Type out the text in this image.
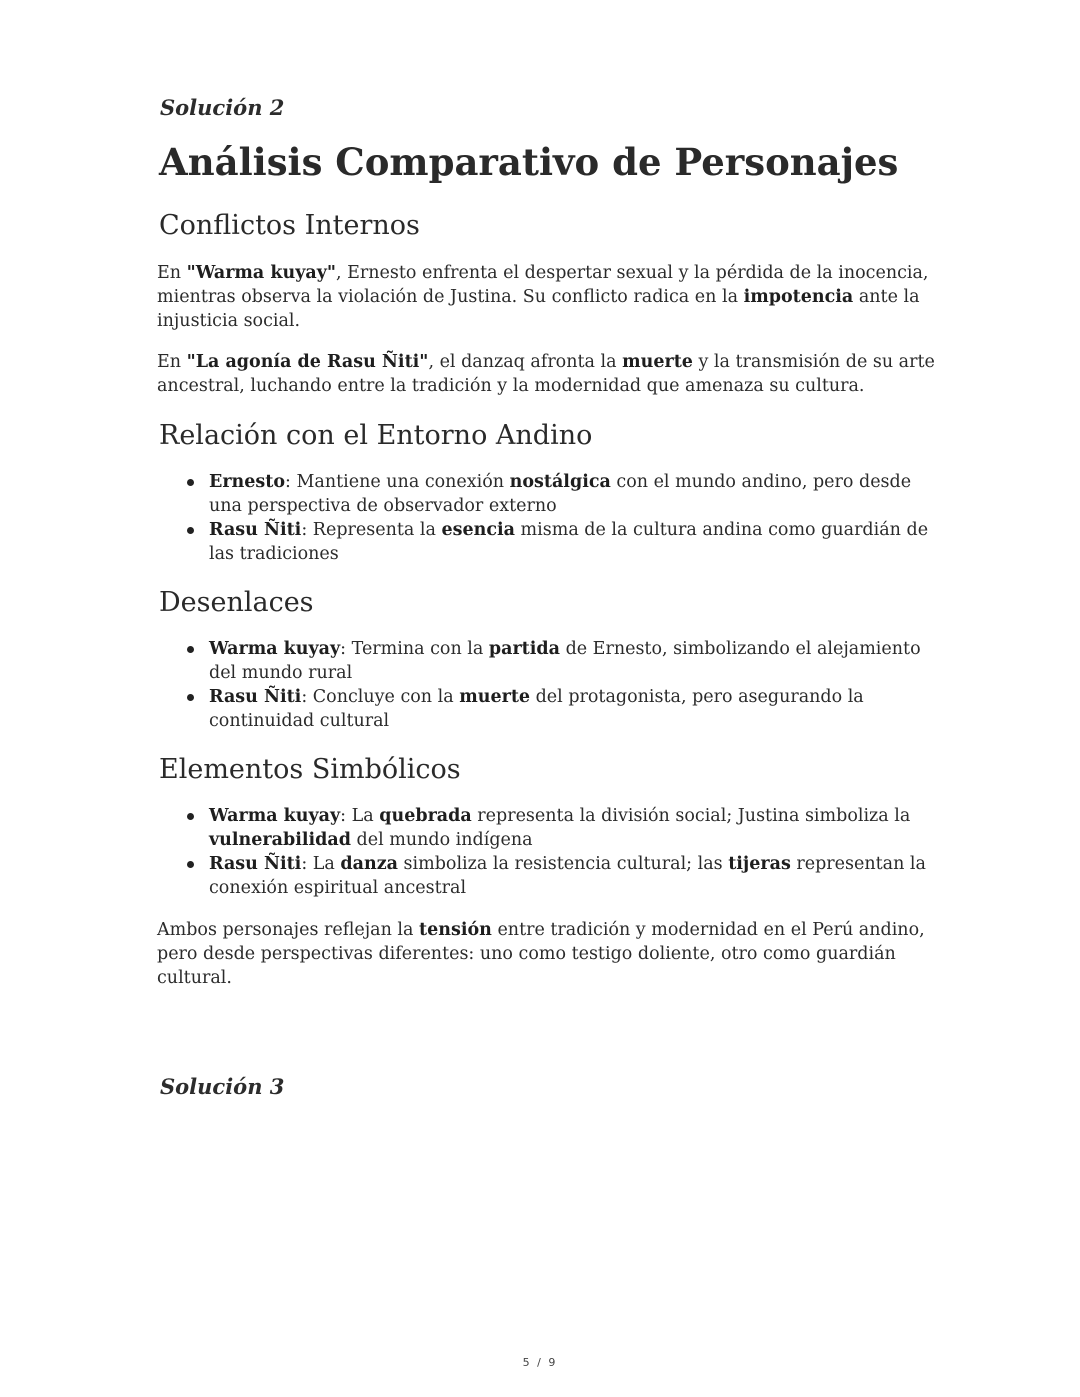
Solución 2
Análisis Comparativo de Personajes
Conflictos Internos

En "Warma kuyay", Ernesto enfrenta el despertar sexual y la pérdida de la inocencia, mientras observa la violación de Justina. Su conflicto radica en la impotencia ante la injusticia social.

En "La agonía de Rasu Ñiti", el danzaq afronta la muerte y la transmisión de su arte ancestral, luchando entre la tradición y la modernidad que amenaza su cultura.

Relación con el Entorno Andino
Ernesto: Mantiene una conexión nostálgica con el mundo andino, pero desde una perspectiva de observador externo
Rasu Ñiti: Representa la esencia misma de la cultura andina como guardián de las tradiciones
Desenlaces
Warma kuyay: Termina con la partida de Ernesto, simbolizando el alejamiento del mundo rural
Rasu Ñiti: Concluye con la muerte del protagonista, pero asegurando la continuidad cultural
Elementos Simbólicos
Warma kuyay: La quebrada representa la división social; Justina simboliza la vulnerabilidad del mundo indígena
Rasu Ñiti: La danza simboliza la resistencia cultural; las tijeras representan la conexión espiritual ancestral

Ambos personajes reflejan la tensión entre tradición y modernidad en el Perú andino, pero desde perspectivas diferentes: uno como testigo doliente, otro como guardián cultural.

Solución 3
5 / 9
